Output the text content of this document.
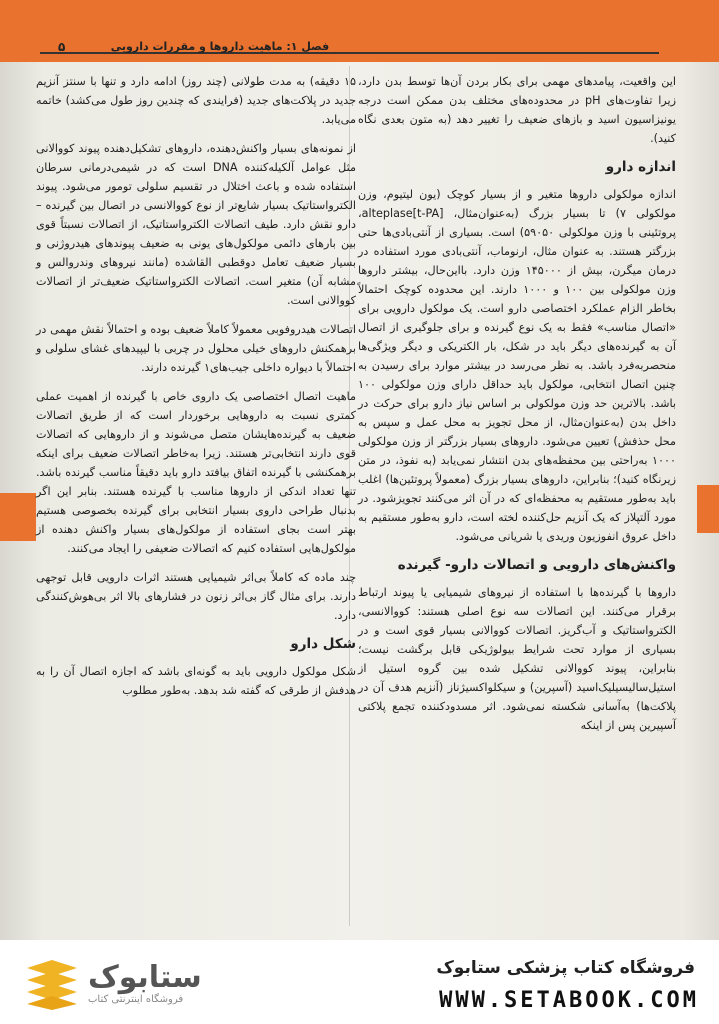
فصل ۱: ماهیت داروها و مقررات دارویی
۵

این واقعیت، پیامدهای مهمی برای بکار بردن آن‌ها توسط بدن دارد، زیرا تفاوت‌های pH در محدوده‌های مختلف بدن ممکن است درجه یونیزاسیون اسید و بازهای ضعیف را تغییر دهد (به متون بعدی نگاه کنید).

اندازه دارو

اندازه مولکولی داروها متغیر و از بسیار کوچک (یون لیتیوم، وزن مولکولی ۷) تا بسیار بزرگ (به‌عنوان‌مثال، [t-PA]alteplase، پروتئینی با وزن مولکولی ۵۹۰۵۰) است. بسیاری از آنتی‌بادی‌ها حتی بزرگتر هستند. به عنوان مثال، ارنوماب، آنتی‌بادی مورد استفاده در درمان میگرن، بیش از ۱۴۵۰۰۰ وزن دارد. بااین‌حال، بیشتر داروها وزن مولکولی بین ۱۰۰ و ۱۰۰۰ دارند. این محدوده کوچک احتمالاً بخاطر الزام عملکرد اختصاصی دارو است. یک مولکول دارویی برای «اتصال مناسب» فقط به یک نوع گیرنده و برای جلوگیری از اتصال آن به گیرنده‌های دیگر باید در شکل، بار الکتریکی و دیگر ویژگی‌ها منحصربه‌فرد باشد. به نظر می‌رسد در بیشتر موارد برای رسیدن به چنین اتصال انتخابی، مولکول باید حداقل دارای وزن مولکولی ۱۰۰ باشد. بالاترین حد وزن مولکولی بر اساس نیاز دارو برای حرکت در داخل بدن (به‌عنوان‌مثال، از محل تجویز به محل عمل و سپس به محل حذفش) تعیین می‌شود. داروهای بسیار بزرگتر از وزن مولکولی ۱۰۰۰ به‌راحتی بین محفظه‌های بدن انتشار نمی‌یابد (به نفوذ، در متن زیرنگاه کنید)؛ بنابراین، داروهای بسیار بزرگ (معمولاً پروتئین‌ها) اغلب باید به‌طور مستقیم به محفظه‌ای که در آن اثر می‌کنند تجویزشود. در مورد آلتپلاز که یک آنزیم حل‌کننده لخته است، دارو به‌طور مستقیم به داخل عروق انفوزیون وریدی یا شریانی می‌شود.

واکنش‌های دارویی و اتصالات دارو- گیرنده

داروها با گیرنده‌ها با استفاده از نیروهای شیمیایی یا پیوند ارتباط برقرار می‌کنند. این اتصالات سه نوع اصلی هستند: کووالانسی، الکترواستاتیک و آب‌گریز. اتصالات کووالانی بسیار قوی است و در بسیاری از موارد تحت شرایط بیولوژیکی قابل برگشت نیست؛ بنابراین، پیوند کووالانی تشکیل شده بین گروه استیل از استیل‌سالیسیلیک‌اسید (آسپرین) و سیکلواکسیژناز (آنزیم هدف آن در پلاکت‌ها) به‌آسانی شکسته نمی‌شود. اثر مسدودکننده تجمع پلاکتی آسپیرین پس از اینکه

۱۵ دقیقه) به مدت طولانی (چند روز) ادامه دارد و تنها با سنتز آنزیم جدید در پلاکت‌های جدید (فرایندی که چندین روز طول می‌کشد) خاتمه می‌یابد.

از نمونه‌های بسیار واکنش‌دهنده، داروهای تشکیل‌دهنده پیوند کووالانی مثل عوامل آلکیله‌کننده DNA است که در شیمی‌درمانی سرطان استفاده شده و باعث اختلال در تقسیم سلولی تومور می‌شود. پیوند الکترواستاتیک بسیار شایع‌تر از نوع کووالانسی در اتصال بین گیرنده – دارو نقش دارد. طیف اتصالات الکترواستاتیک، از اتصالات نسبتاً قوی بین بارهای دائمی مولکول‌های یونی به ضعیف پیوندهای هیدروژنی و بسیار ضعیف تعامل دوقطبی القاشده (مانند نیروهای وندروالس و مشابه آن) متغیر است. اتصالات الکترواستاتیک ضعیف‌تر از اتصالات کووالانی است.

اتصالات هیدروفوبی معمولاً کاملاً ضعیف بوده و احتمالاً نقش مهمی در برهمکنش داروهای خیلی محلول در چربی با لیپیدهای غشای سلولی و احتمالاً با دیواره داخلی جیب‌های۱ گیرنده دارند.

ماهیت اتصال اختصاصی یک داروی خاص با گیرنده از اهمیت عملی کمتری نسبت به داروهایی برخوردار است که از طریق اتصالات ضعیف به گیرنده‌هایشان متصل می‌شوند و از داروهایی که اتصالات قوی دارند انتخابی‌تر هستند. زیرا به‌خاطر اتصالات ضعیف برای اینکه برهمکنشی با گیرنده اتفاق بیافتد دارو باید دقیقاً مناسب گیرنده باشد. تنها تعداد اندکی از داروها مناسب با گیرنده هستند. بنابر این اگر بدنبال طراحی داروی بسیار انتخابی برای گیرنده بخصوصی هستیم بهتر است بجای استفاده از مولکول‌های بسیار واکنش دهنده از مولکول‌هایی استفاده کنیم که اتصالات ضعیفی را ایجاد می‌کنند.

چند ماده که کاملاً بی‌اثر شیمیایی هستند اثرات دارویی قابل توجهی دارند. برای مثال گاز بی‌اثر زنون در فشارهای بالا اثر بی‌هوش‌کنندگی دارد.

شکل دارو

شکل مولکول دارویی باید به گونه‌ای باشد که اجازه اتصال آن را به هدفش از طرقی که گفته شد بدهد. به‌طور مطلوب

ستابوک
فروشگاه اینترنتی کتاب
فروشگاه کتاب پزشکی ستابوک
WWW.SETABOOK.COM
